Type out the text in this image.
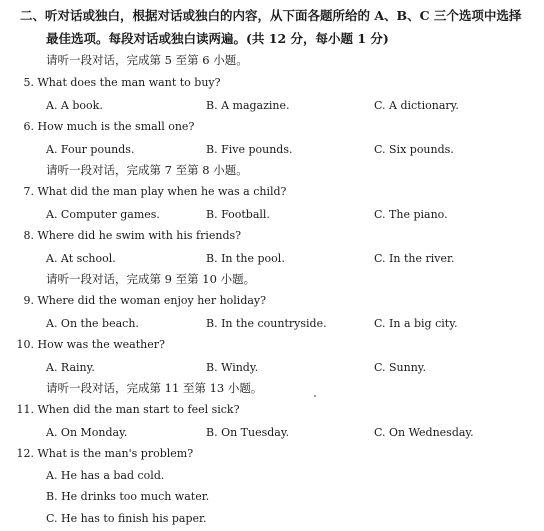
二、听对话或独白，根据对话或独白的内容，从下面各题所给的 A、B、C 三个选项中选择
最佳选项。每段对话或独白读两遍。(共 12 分，每小题 1 分)
请听一段对话，完成第 5 至第 6 小题。
5. What does the man want to buy?
A. A book.	B. A magazine.	C. A dictionary.
6. How much is the small one?
A. Four pounds.	B. Five pounds.	C. Six pounds.
请听一段对话，完成第 7 至第 8 小题。
7. What did the man play when he was a child?
A. Computer games.	B. Football.	C. The piano.
8. Where did he swim with his friends?
A. At school.	B. In the pool.	C. In the river.
请听一段对话，完成第 9 至第 10 小题。
9. Where did the woman enjoy her holiday?
A. On the beach.	B. In the countryside.	C. In a big city.
10. How was the weather?
A. Rainy.	B. Windy.	C. Sunny.
请听一段对话，完成第 11 至第 13 小题。
11. When did the man start to feel sick?
A. On Monday.	B. On Tuesday.	C. On Wednesday.
12. What is the man's problem?
A. He has a bad cold.
B. He drinks too much water.
C. He has to finish his paper.
